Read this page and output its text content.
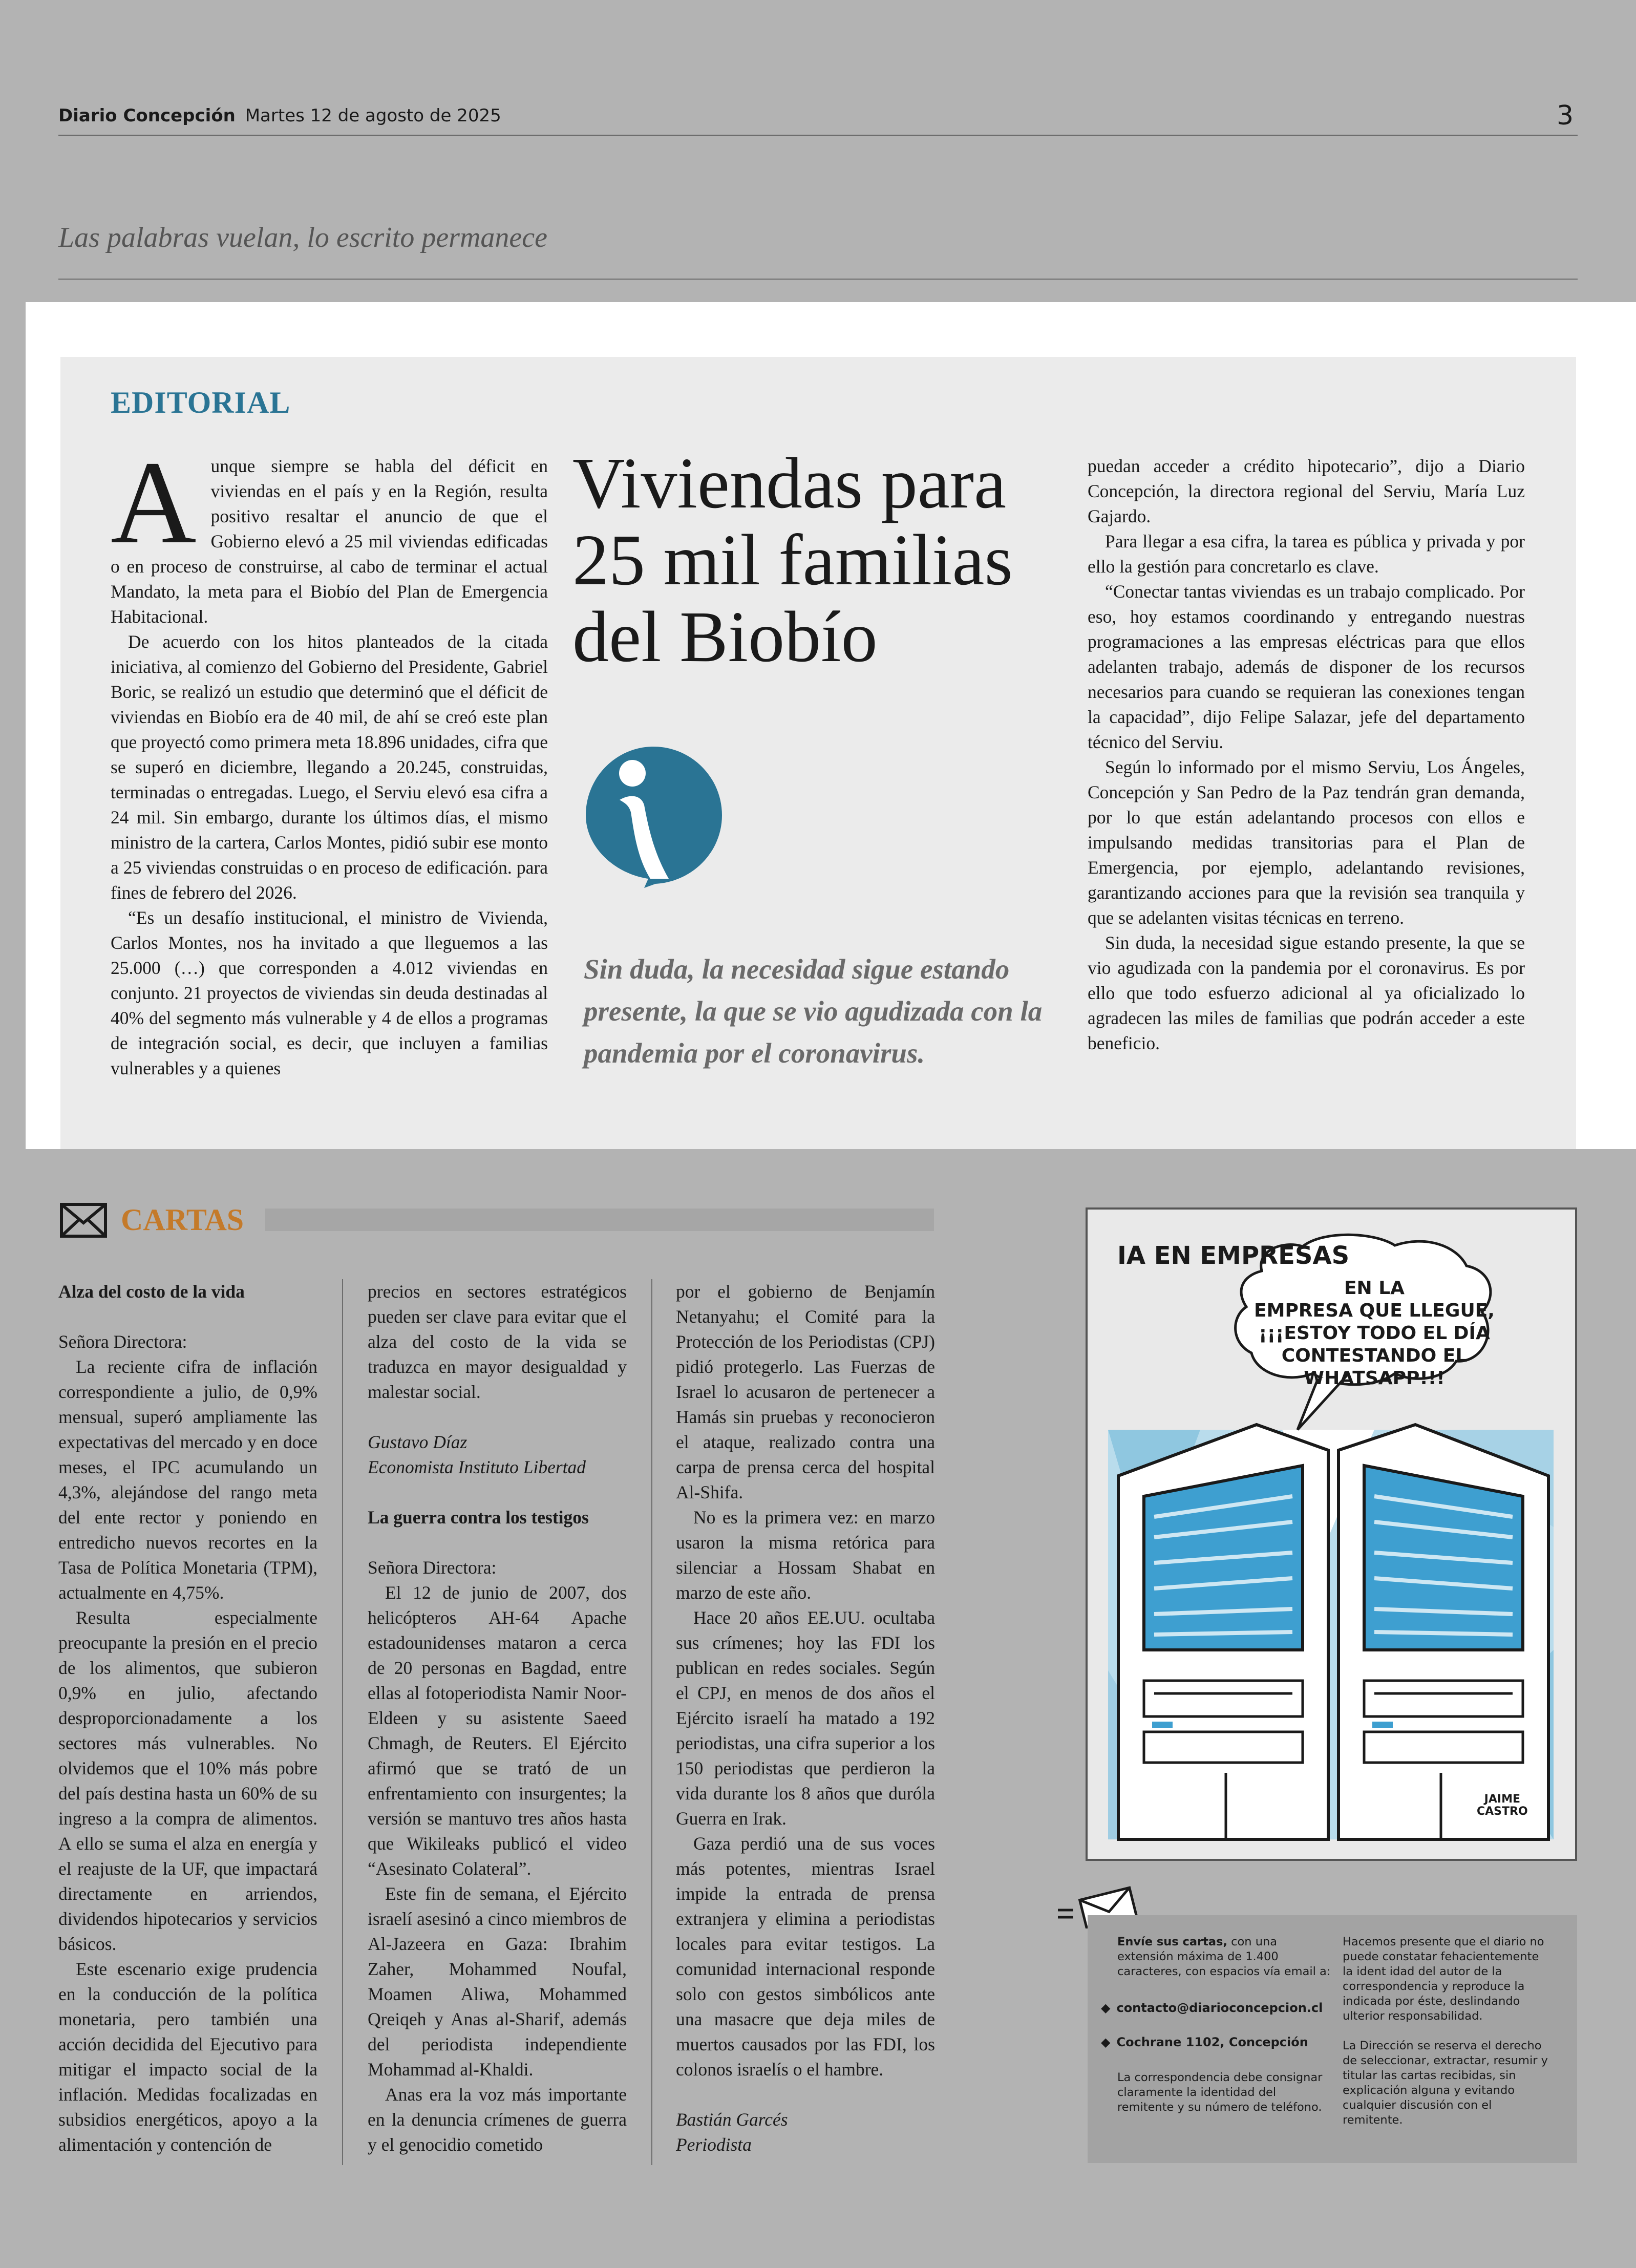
Diario Concepción Martes 12 de agosto de 2025	3
Las palabras vuelan, lo escrito permanece
EDITORIAL
A unque siempre se habla del déficit en viviendas en el país y en la Región, resulta positivo resaltar el anuncio de que el Gobierno elevó a 25 mil viviendas edificadas o en proceso de construirse, al cabo de terminar el actual Mandato, la meta para el Biobío del Plan de Emergencia Habitacional.

De acuerdo con los hitos planteados de la citada iniciativa, al comienzo del Gobierno del Presidente, Gabriel Boric, se realizó un estudio que determinó que el déficit de viviendas en Biobío era de 40 mil, de ahí se creó este plan que proyectó como primera meta 18.896 unidades, cifra que se superó en diciembre, llegando a 20.245, construidas, terminadas o entregadas. Luego, el Serviu elevó esa cifra a 24 mil. Sin embargo, durante los últimos días, el mismo ministro de la cartera, Carlos Montes, pidió subir ese monto a 25 viviendas construidas o en proceso de edificación. para fines de febrero del 2026.

“Es un desafío institucional, el ministro de Vivienda, Carlos Montes, nos ha invitado a que lleguemos a las 25.000 (…) que corresponden a 4.012 viviendas en conjunto. 21 proyectos de viviendas sin deuda destinadas al 40% del segmento más vulnerable y 4 de ellos a programas de integración social, es decir, que incluyen a familias vulnerables y a quienes

Viviendas para
25 mil familias
del Biobío
Sin duda, la necesidad sigue estando presente, la que se vio agudizada con la pandemia por el coronavirus.

puedan acceder a crédito hipotecario”, dijo a Diario Concepción, la directora regional del Serviu, María Luz Gajardo.

Para llegar a esa cifra, la tarea es pública y privada y por ello la gestión para concretarlo es clave.

“Conectar tantas viviendas es un trabajo complicado. Por eso, hoy estamos coordinando y entregando nuestras programaciones a las empresas eléctricas para que ellos adelanten trabajo, además de disponer de los recursos necesarios para cuando se requieran las conexiones tengan la capacidad”, dijo Felipe Salazar, jefe del departamento técnico del Serviu.

Según lo informado por el mismo Serviu, Los Ángeles, Concepción y San Pedro de la Paz tendrán gran demanda, por lo que están adelantando procesos con ellos e impulsando medidas transitorias para el Plan de Emergencia, por ejemplo, adelantando revisiones, garantizando acciones para que la revisión sea tranquila y que se adelanten visitas técnicas en terreno.

Sin duda, la necesidad sigue estando presente, la que se vio agudizada con la pandemia por el coronavirus. Es por ello que todo esfuerzo adicional al ya oficializado lo agradecen las miles de familias que podrán acceder a este beneficio.

CARTAS
Alza del costo de la vida

Señora Directora:

La reciente cifra de inflación correspondiente a julio, de 0,9% mensual, superó ampliamente las expectativas del mercado y en doce meses, el IPC acumulando un 4,3%, alejándose del rango meta del ente rector y poniendo en entredicho nuevos recortes en la Tasa de Política Monetaria (TPM), actualmente en 4,75%.

Resulta especialmente preocupante la presión en el precio de los alimentos, que subieron 0,9% en julio, afectando desproporcionadamente a los sectores más vulnerables. No olvidemos que el 10% más pobre del país destina hasta un 60% de su ingreso a la compra de alimentos. A ello se suma el alza en energía y el reajuste de la UF, que impactará directamente en arriendos, dividendos hipotecarios y servicios básicos.

Este escenario exige prudencia en la conducción de la política monetaria, pero también una acción decidida del Ejecutivo para mitigar el impacto social de la inflación. Medidas focalizadas en subsidios energéticos, apoyo a la alimentación y contención de

precios en sectores estratégicos pueden ser clave para evitar que el alza del costo de la vida se traduzca en mayor desigualdad y malestar social.

Gustavo Díaz

Economista Instituto Libertad

La guerra contra los testigos

Señora Directora:

El 12 de junio de 2007, dos helicópteros AH-64 Apache estadounidenses mataron a cerca de 20 personas en Bagdad, entre ellas al fotoperiodista Namir Noor-Eldeen y su asistente Saeed Chmagh, de Reuters. El Ejército afirmó que se trató de un enfrentamiento con insurgentes; la versión se mantuvo tres años hasta que Wikileaks publicó el video “Asesinato Colateral”.

Este fin de semana, el Ejército israelí asesinó a cinco miembros de Al-Jazeera en Gaza: Ibrahim Zaher, Mohammed Noufal, Moamen Aliwa, Mohammed Qreiqeh y Anas al-Sharif, además del periodista independiente Mohammad al-Khaldi.

Anas era la voz más importante en la denuncia crímenes de guerra y el genocidio cometido

por el gobierno de Benjamín Netanyahu; el Comité para la Protección de los Periodistas (CPJ) pidió protegerlo. Las Fuerzas de Israel lo acusaron de pertenecer a Hamás sin pruebas y reconocieron el ataque, realizado contra una carpa de prensa cerca del hospital Al-Shifa.

No es la primera vez: en marzo usaron la misma retórica para silenciar a Hossam Shabat en marzo de este año.

Hace 20 años EE.UU. ocultaba sus crímenes; hoy las FDI los publican en redes sociales. Según el CPJ, en menos de dos años el Ejército israelí ha matado a 192 periodistas, una cifra superior a los 150 periodistas que perdieron la vida durante los 8 años que duróla Guerra en Irak.

Gaza perdió una de sus voces más potentes, mientras Israel impide la entrada de prensa extranjera y elimina a periodistas locales para evitar testigos. La comunidad internacional responde solo con gestos simbólicos ante una masacre que deja miles de muertos causados por las FDI, los colonos israelís o el hambre.

Bastián Garcés

Periodista

IA EN EMPRESAS
EN LA
EMPRESA QUE LLEGUE,
¡¡¡ESTOY TODO EL DÍA
CONTESTANDO EL
WHATSAPP!!!
JAIME
CASTRO
Envíe sus cartas, con una extensión máxima de 1.400 caracteres, con espacios vía email a:
◆ contacto@diarioconcepcion.cl
◆ Cochrane 1102, Concepción
La correspondencia debe consignar claramente la identidad del remitente y su número de teléfono.
Hacemos presente que el diario no puede constatar fehacientemente la ident idad del autor de la correspondencia y reproduce la indicada por éste, deslindando ulterior responsabilidad.
La Dirección se reserva el derecho de seleccionar, extractar, resumir y titular las cartas recibidas, sin explicación alguna y evitando cualquier discusión con el remitente.
